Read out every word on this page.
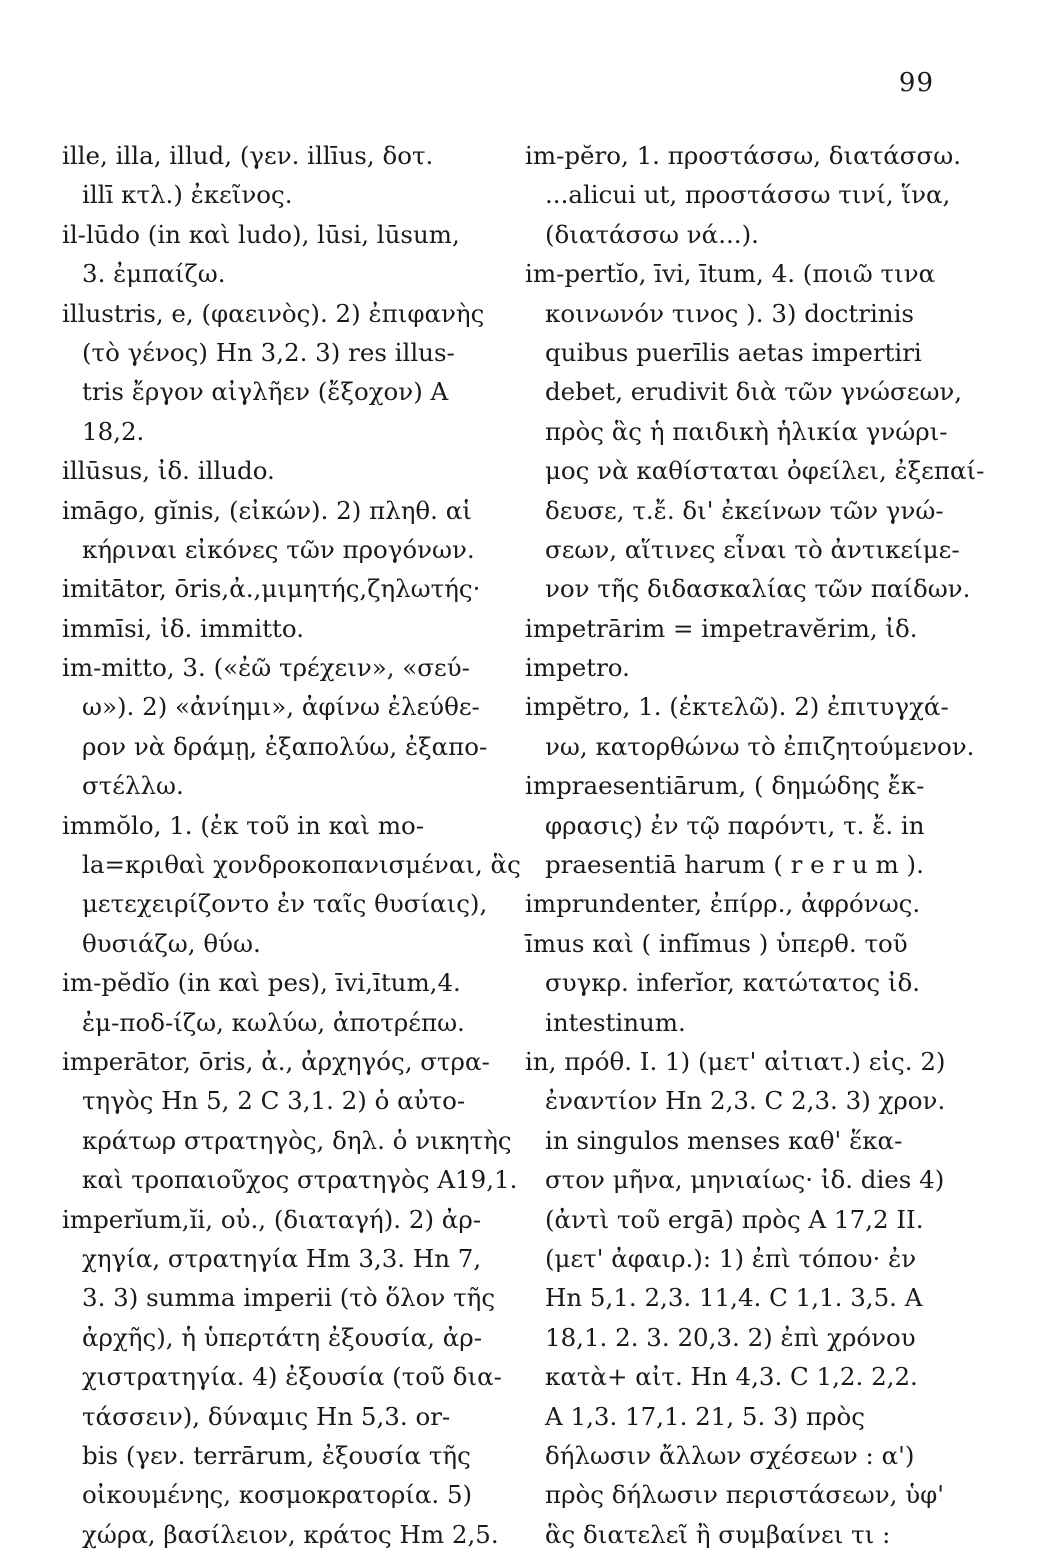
99
ille, illa, illud, (γεν. illīus, δοτ.
illī κτλ.) ἐκεῖνος.
il-lūdo (in καὶ ludo), lūsi, lūsum,
3. ἐμπαίζω.
illustris, e, (φαεινὸς). 2) ἐπιφανὴς
(τὸ γένος) Hn 3,2. 3) res illus-
tris ἔργον αἰγλῆεν (ἔξοχον) A
18,2.
illūsus, ἰδ. illudo.
imāgo, gĭnis, (εἰκών). 2) πληθ. αἱ
κήριναι εἰκόνες τῶν προγόνων.
imitātor, ōris,ἀ.,μιμητής,ζηλωτής·
immīsi, ἰδ. immitto.
im-mitto, 3. («ἐῶ τρέχειν», «σεύ-
ω»). 2) «ἀνίημι», ἀφίνω ἐλεύθε-
ρον νὰ δράμῃ, ἐξαπολύω, ἐξαπο-
στέλλω.
immŏlo, 1. (ἐκ τοῦ in καὶ mo-
la=κριθαὶ χονδροκοπανισμέναι, ἃς
μετεχειρίζοντο ἐν ταῖς θυσίαις),
θυσιάζω, θύω.
im-pĕdĭo (in καὶ pes), īvi,ītum,4.
ἐμ-ποδ-ίζω, κωλύω, ἀποτρέπω.
imperātor, ōris, ἀ., ἀρχηγός, στρα-
τηγὸς Hn 5, 2 C 3,1. 2) ὁ αὐτο-
κράτωρ στρατηγὸς, δηλ. ὁ νικητὴς
καὶ τροπαιοῦχος στρατηγὸς A19,1.
imperĭum,ĭi, οὐ., (διαταγή). 2) ἀρ-
χηγία, στρατηγία Hm 3,3. Hn 7,
3. 3) summa imperii (τὸ ὅλον τῆς
ἀρχῆς), ἡ ὑπερτάτη ἐξουσία, ἀρ-
χιστρατηγία. 4) ἐξουσία (τοῦ δια-
τάσσειν), δύναμις Hn 5,3. or-
bis (γεν. terrārum, ἐξουσία τῆς
οἰκουμένης, κοσμοκρατορία. 5)
χώρα, βασίλειον, κράτος Hm 2,5.
im-pĕro, 1. προστάσσω, διατάσσω.
...alicui ut, προστάσσω τινί, ἵνα,
(διατάσσω νά...).
im-pertĭo, īvi, ītum, 4. (ποιῶ τινα
κοινωνόν τινος ). 3) doctrinis
quibus puerīlis aetas impertiri
debet, erudivit διὰ τῶν γνώσεων,
πρὸς ἃς ἡ παιδικὴ ἡλικία γνώρι-
μος νὰ καθίσταται ὀφείλει, ἐξεπαί-
δευσε, τ.ἔ. δι' ἐκείνων τῶν γνώ-
σεων, αἵτινες εἶναι τὸ ἀντικείμε-
νον τῆς διδασκαλίας τῶν παίδων.
impetrārim = impetravĕrim, ἰδ.
impetro.
impĕtro, 1. (ἐκτελῶ). 2) ἐπιτυγχά-
νω, κατορθώνω τὸ ἐπιζητούμενον.
impraesentiārum, ( δημώδης ἔκ-
φρασις) ἐν τῷ παρόντι, τ. ἔ. in
praesentiā harum ( r e r u m ).
imprundenter, ἐπίρρ., ἀφρόνως.
īmus καὶ ( infĭmus ) ὑπερθ. τοῦ
συγκρ. inferĭor, κατώτατος ἰδ.
intestinum.
in, πρόθ. I. 1) (μετ' αἰτιατ.) εἰς. 2)
ἐναντίον Hn 2,3. C 2,3. 3) χρον.
in singulos menses καθ' ἕκα-
στον μῆνα, μηνιαίως· ἰδ. dies 4)
(ἀντὶ τοῦ ergā) πρὸς A 17,2 II.
(μετ' ἀφαιρ.): 1) ἐπὶ τόπου· ἐν
Hn 5,1. 2,3. 11,4. C 1,1. 3,5. A
18,1. 2. 3. 20,3. 2) ἐπὶ χρόνου
κατὰ+ αἰτ. Hn 4,3. C 1,2. 2,2.
A 1,3. 17,1. 21, 5. 3) πρὸς
δήλωσιν ἄλλων σχέσεων : α')
πρὸς δήλωσιν περιστάσεων, ὑφ'
ἃς διατελεῖ ἢ συμβαίνει τι :
